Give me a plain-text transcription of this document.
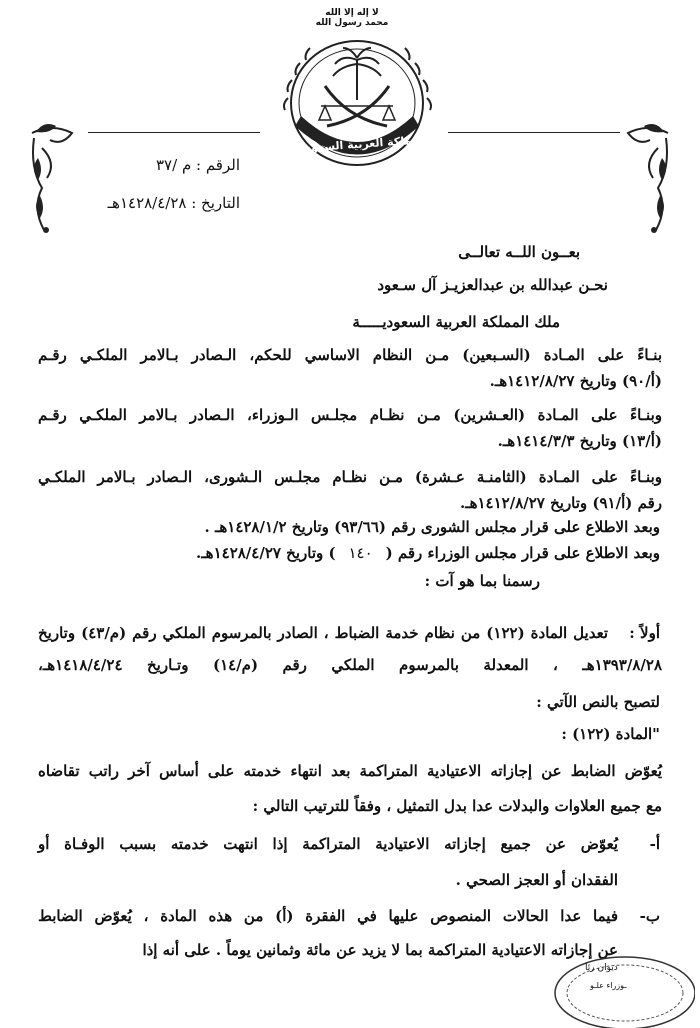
مملكة العربية السعودية
لا إله إلا الله
محمد رسول الله
الرقم : م /٣٧
التاريخ : ١٤٢٨/٤/٢٨هـ
بعــون اللــه تعالــى
نحـن عبدالله بن عبدالعزيـز آل سـعود
ملك المملكة العربية السعوديـــــة
بنـاءً على المـادة (السـبعين) مـن النظام الاساسي للحكم، الـصادر بـالامر الملكـي رقـم
(أ/٩٠) وتاريخ ١٤١٢/٨/٢٧هـ.
وبنـاءً على المـادة (العـشرين) مـن نظـام مجلـس الـوزراء، الـصادر بـالامر الملكـي رقـم
(أ/١٣) وتاريخ ١٤١٤/٣/٣هـ.
وبنـاءً على المـادة (الثامنـة عـشرة) مـن نظـام مجلـس الـشورى، الـصادر بـالامر الملكـي
رقم (أ/٩١) وتاريخ ١٤١٢/٨/٢٧هـ.
وبعد الاطلاع على قرار مجلس الشورى رقم (٩٣/٦٦) وتاريخ ١٤٢٨/١/٢هـ .
وبعد الاطلاع على قرار مجلس الوزراء رقم (١٤٠) وتاريخ ١٤٢٨/٤/٢٧هـ.
رسمنا بما هو آت :
أولاً :
تعديل المادة (١٢٢) من نظام خدمة الضباط ، الصادر بالمرسوم الملكي رقم (م/٤٣) وتاريخ
١٣٩٣/٨/٢٨هـ ، المعدلة بالمرسوم الملكي رقم (م/١٤) وتـاريخ ١٤١٨/٤/٢٤هـ،
لتصبح بالنص الآتي :
"المادة (١٢٢) :
يُعوّض الضابط عن إجازاته الاعتيادية المتراكمة بعد انتهاء خدمته على أساس آخر راتب تقاضاه
مع جميع العلاوات والبدلات عدا بدل التمثيل ، وفقاً للترتيب التالي :
أ-
يُعوّض عن جميع إجازاته الاعتيادية المتراكمة إذا انتهت خدمته بسبب الوفـاة أو
الفقدان أو العجز الصحي .
ب-
فيما عدا الحالات المنصوص عليها في الفقرة (أ) من هذه المادة ، يُعوّض الضابط
عن إجازاته الاعتيادية المتراكمة بما لا يزيد عن مائة وثمانين يوماً . على أنه إذا
ديوان رئا
ـوزراء علـو
